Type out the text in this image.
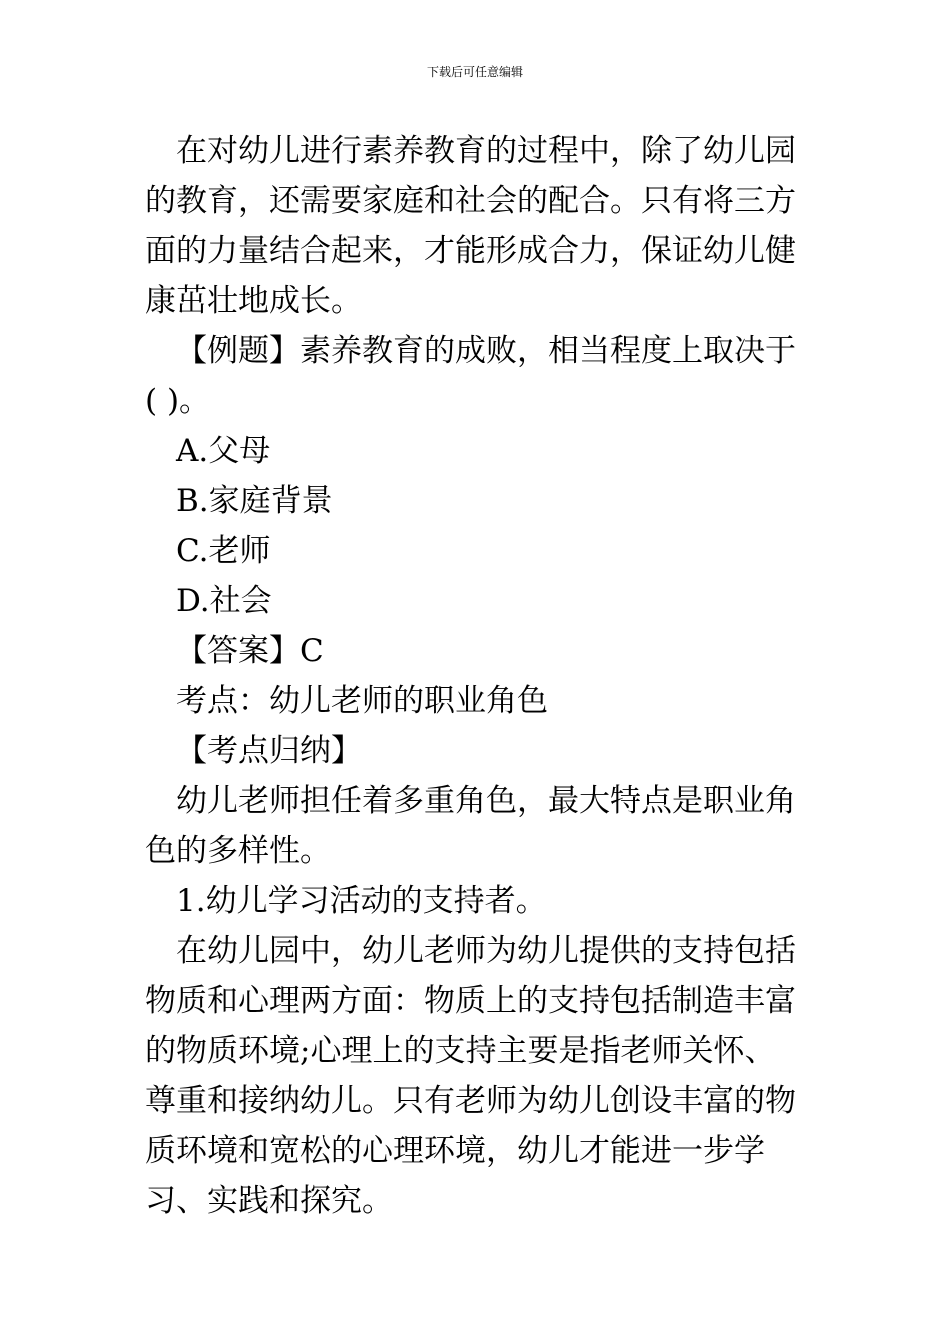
下载后可任意编辑

在对幼儿进行素养教育的过程中，除了幼儿园的教育，还需要家庭和社会的配合。只有将三方面的力量结合起来，才能形成合力，保证幼儿健康茁壮地成长。

【例题】素养教育的成败，相当程度上取决于( )。

A.父母

B.家庭背景

C.老师

D.社会

【答案】C

考点：幼儿老师的职业角色

【考点归纳】

幼儿老师担任着多重角色，最大特点是职业角色的多样性。

1.幼儿学习活动的支持者。

在幼儿园中，幼儿老师为幼儿提供的支持包括物质和心理两方面：物质上的支持包括制造丰富的物质环境;心理上的支持主要是指老师关怀、尊重和接纳幼儿。只有老师为幼儿创设丰富的物质环境和宽松的心理环境，幼儿才能进一步学习、实践和探究。
